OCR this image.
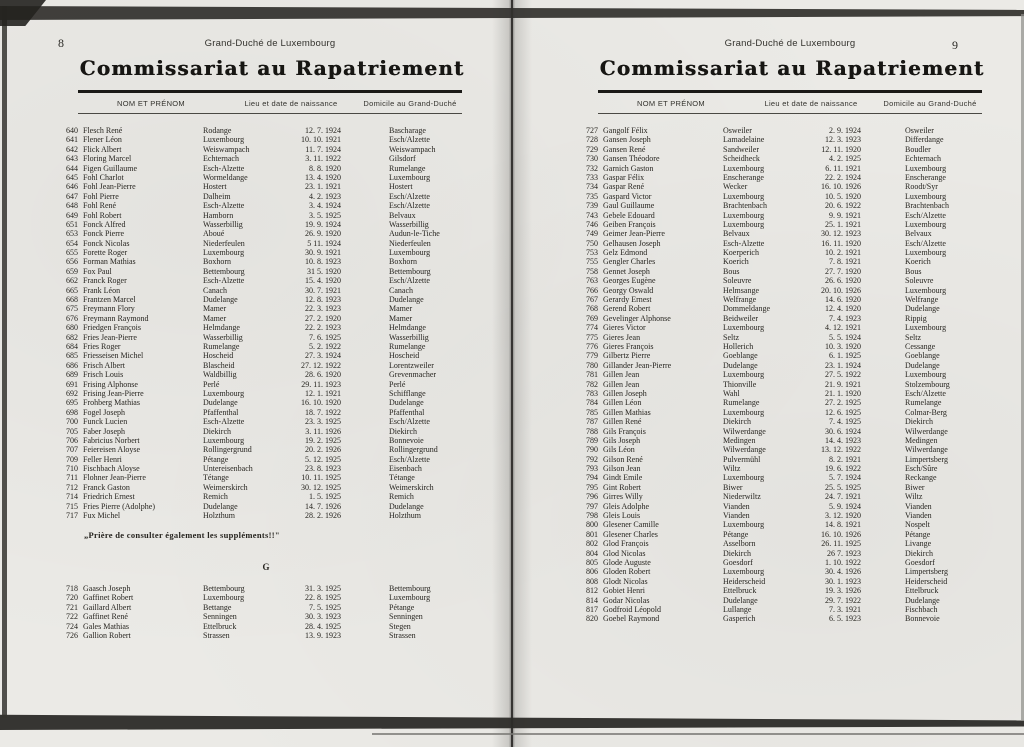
8	Grand-Duché de Luxembourg
Commissariat au Rapatriement
NOM ET PRÉNOM	Lieu et date de naissance	Domicile au Grand-Duché
640 Flesch René	Rodange	12. 7. 1924	Bascharage
641 Flener Léon	Luxembourg	10. 10. 1921	Esch/Alzette
642 Flick Albert	Weiswampach	11. 7. 1924	Weiswampach
643 Floring Marcel	Echternach	3. 11. 1922	Gilsdorf
644 Figen Guillaume	Esch-Alzette	8. 8. 1920	Rumelange
645 Fohl Charlot	Wormeldange	13. 4. 1920	Luxembourg
646 Fohl Jean-Pierre	Hostert	23. 1. 1921	Hostert
647 Fohl Pierre	Dalheim	4. 2. 1923	Esch/Alzette
648 Fohl René	Esch-Alzette	3. 4. 1924	Esch/Alzette
649 Fohl Robert	Hamborn	3. 5. 1925	Belvaux
651 Fonck Alfred	Wasserbillig	19. 9. 1924	Wasserbillig
653 Fonck Pierre	Aboué	26. 9. 1920	Audun-le-Tiche
654 Fonck Nicolas	Niederfeulen	5 11. 1924	Niederfeulen
655 Forette Roger	Luxembourg	30. 9. 1921	Luxembourg
656 Forman Mathias	Boxhorn	10. 8. 1923	Boxhorn
659 Fox Paul	Bettembourg	31 5. 1920	Bettembourg
662 Franck Roger	Esch-Alzette	15. 4. 1920	Esch/Alzette
665 Frank Léon	Canach	30. 7. 1921	Canach
668 Frantzen Marcel	Dudelange	12. 8. 1923	Dudelange
675 Freymann Flory	Mamer	22. 3. 1923	Mamer
676 Freymann Raymond	Mamer	27. 2. 1920	Mamer
680 Friedgen François	Helmdange	22. 2. 1923	Helmdange
682 Fries Jean-Pierre	Wasserbillig	7. 6. 1925	Wasserbillig
684 Fries Roger	Rumelange	5. 2. 1922	Rumelange
685 Friesseisen Michel	Hoscheid	27. 3. 1924	Hoscheid
686 Frisch Albert	Blascheid	27. 12. 1922	Lorentzweiler
689 Frisch Louis	Waldbillig	28. 6. 1920	Grevenmacher
691 Frising Alphonse	Perlé	29. 11. 1923	Perlé
692 Frising Jean-Pierre	Luxembourg	12. 1. 1921	Schifflange
695 Frohberg Mathias	Dudelange	16. 10. 1920	Dudelange
698 Fogel Joseph	Pfaffenthal	18. 7. 1922	Pfaffenthal
700 Funck Lucien	Esch-Alzette	23. 3. 1925	Esch/Alzette
705 Faber Joseph	Diekirch	3. 11. 1926	Diekirch
706 Fabricius Norbert	Luxembourg	19. 2. 1925	Bonnevoie
707 Feiereisen Aloyse	Rollingergrund	20. 2. 1926	Rollingergrund
709 Feller Henri	Pétange	5. 12. 1925	Esch/Alzette
710 Fischbach Aloyse	Untereisenbach	23. 8. 1923	Eisenbach
711 Flohner Jean-Pierre	Tétange	10. 11. 1925	Tétange
712 Franck Gaston	Weimerskirch	30. 12. 1925	Weimerskirch
714 Friedrich Ernest	Remich	1. 5. 1925	Remich
715 Fries Pierre (Adolphe)	Dudelange	14. 7. 1926	Dudelange
717 Fux Michel	Holzthum	28. 2. 1926	Holzthum
„Prière de consulter également les suppléments!!"
G
718 Gaasch Joseph	Bettembourg	31. 3. 1925	Bettembourg
720 Gaffinet Robert	Luxembourg	22. 8. 1925	Luxembourg
721 Gaillard Albert	Bettange	7. 5. 1925	Pétange
722 Gaffinet René	Senningen	30. 3. 1923	Senningen
724 Gales Mathias	Ettelbruck	28. 4. 1925	Stegen
726 Gallion Robert	Strassen	13. 9. 1923	Strassen
Grand-Duché de Luxembourg	9
Commissariat au Rapatriement
NOM ET PRÉNOM	Lieu et date de naissance	Domicile au Grand-Duché
727 Gangolf Félix	Osweiler	2. 9. 1924	Osweiler
728 Gansen Joseph	Lamadelaine	12. 3. 1923	Differdange
729 Gansen René	Sandweiler	12. 11. 1920	Boudler
730 Gansen Théodore	Scheidheck	4. 2. 1925	Echternach
732 Garnich Gaston	Luxembourg	6. 11. 1921	Luxembourg
733 Gaspar Félix	Enscherange	22. 2. 1924	Enscherange
734 Gaspar René	Wecker	16. 10. 1926	Roodt/Syr
735 Gaspard Victor	Luxembourg	10. 5. 1920	Luxembourg
739 Gaul Guillaume	Brachtenbach	20. 6. 1922	Brachtenbach
743 Gebele Edouard	Luxembourg	9. 9. 1921	Esch/Alzette
746 Geiben François	Luxembourg	25. 1. 1921	Luxembourg
749 Geimer Jean-Pierre	Belvaux	30. 12. 1923	Belvaux
750 Gelhausen Joseph	Esch-Alzette	16. 11. 1920	Esch/Alzette
753 Gelz Edmond	Koerperich	10. 2. 1921	Luxembourg
755 Gengler Charles	Koerich	7. 8. 1921	Koerich
758 Gennet Joseph	Bous	27. 7. 1920	Bous
763 Georges Eugène	Soleuvre	26. 6. 1920	Soleuvre
766 Georgy Oswald	Helmsange	20. 10. 1926	Luxembourg
767 Gerardy Ernest	Welfrange	14. 6. 1920	Welfrange
768 Gerend Robert	Dommeldange	12. 4. 1920	Dudelange
769 Gevelinger Alphonse	Beidweiler	7. 4. 1923	Rippig
774 Gieres Victor	Luxembourg	4. 12. 1921	Luxembourg
775 Gieres Jean	Seltz	5. 5. 1924	Seltz
776 Gieres François	Hollerich	10. 3. 1920	Cessange
779 Gilbertz Pierre	Goeblange	6. 1. 1925	Goeblange
780 Gillander Jean-Pierre	Dudelange	23. 1. 1924	Dudelange
781 Gillen Jean	Luxembourg	27. 5. 1922	Luxembourg
782 Gillen Jean	Thionville	21. 9. 1921	Stolzembourg
783 Gillen Joseph	Wahl	21. 1. 1920	Esch/Alzette
784 Gillen Léon	Rumelange	27. 2. 1925	Rumelange
785 Gillen Mathias	Luxembourg	12. 6. 1925	Colmar-Berg
787 Gillen René	Diekirch	7. 4. 1925	Diekirch
788 Gils François	Wilwerdange	30. 6. 1924	Wilwerdange
789 Gils Joseph	Medingen	14. 4. 1923	Medingen
790 Gils Léon	Wilwerdange	13. 12. 1922	Wilwerdange
792 Gilson René	Pulvermühl	8. 2. 1921	Limpertsberg
793 Gilson Jean	Wiltz	19. 6. 1922	Esch/Sûre
794 Gindt Emile	Luxembourg	5. 7. 1924	Reckange
795 Gint Robert	Biwer	25. 5. 1925	Biwer
796 Girres Willy	Niederwiltz	24. 7. 1921	Wiltz
797 Gleis Adolphe	Vianden	5. 9. 1924	Vianden
798 Gleis Louis	Vianden	3. 12. 1920	Vianden
800 Glesener Camille	Luxembourg	14. 8. 1921	Nospelt
801 Glesener Charles	Pétange	16. 10. 1926	Pétange
802 Glod François	Asselborn	26. 11. 1925	Livange
804 Glod Nicolas	Diekirch	26 7. 1923	Diekirch
805 Glode Auguste	Goesdorf	1. 10. 1922	Goesdorf
806 Gloden Robert	Luxembourg	30. 4. 1926	Limpertsberg
808 Glodt Nicolas	Heiderscheid	30. 1. 1923	Heiderscheid
812 Gobiet Henri	Ettelbruck	19. 3. 1926	Ettelbruck
814 Godar Nicolas	Dudelange	29. 7. 1922	Dudelange
817 Godfroid Léopold	Lullange	7. 3. 1921	Fischbach
820 Goebel Raymond	Gasperich	6. 5. 1923	Bonnevoie
